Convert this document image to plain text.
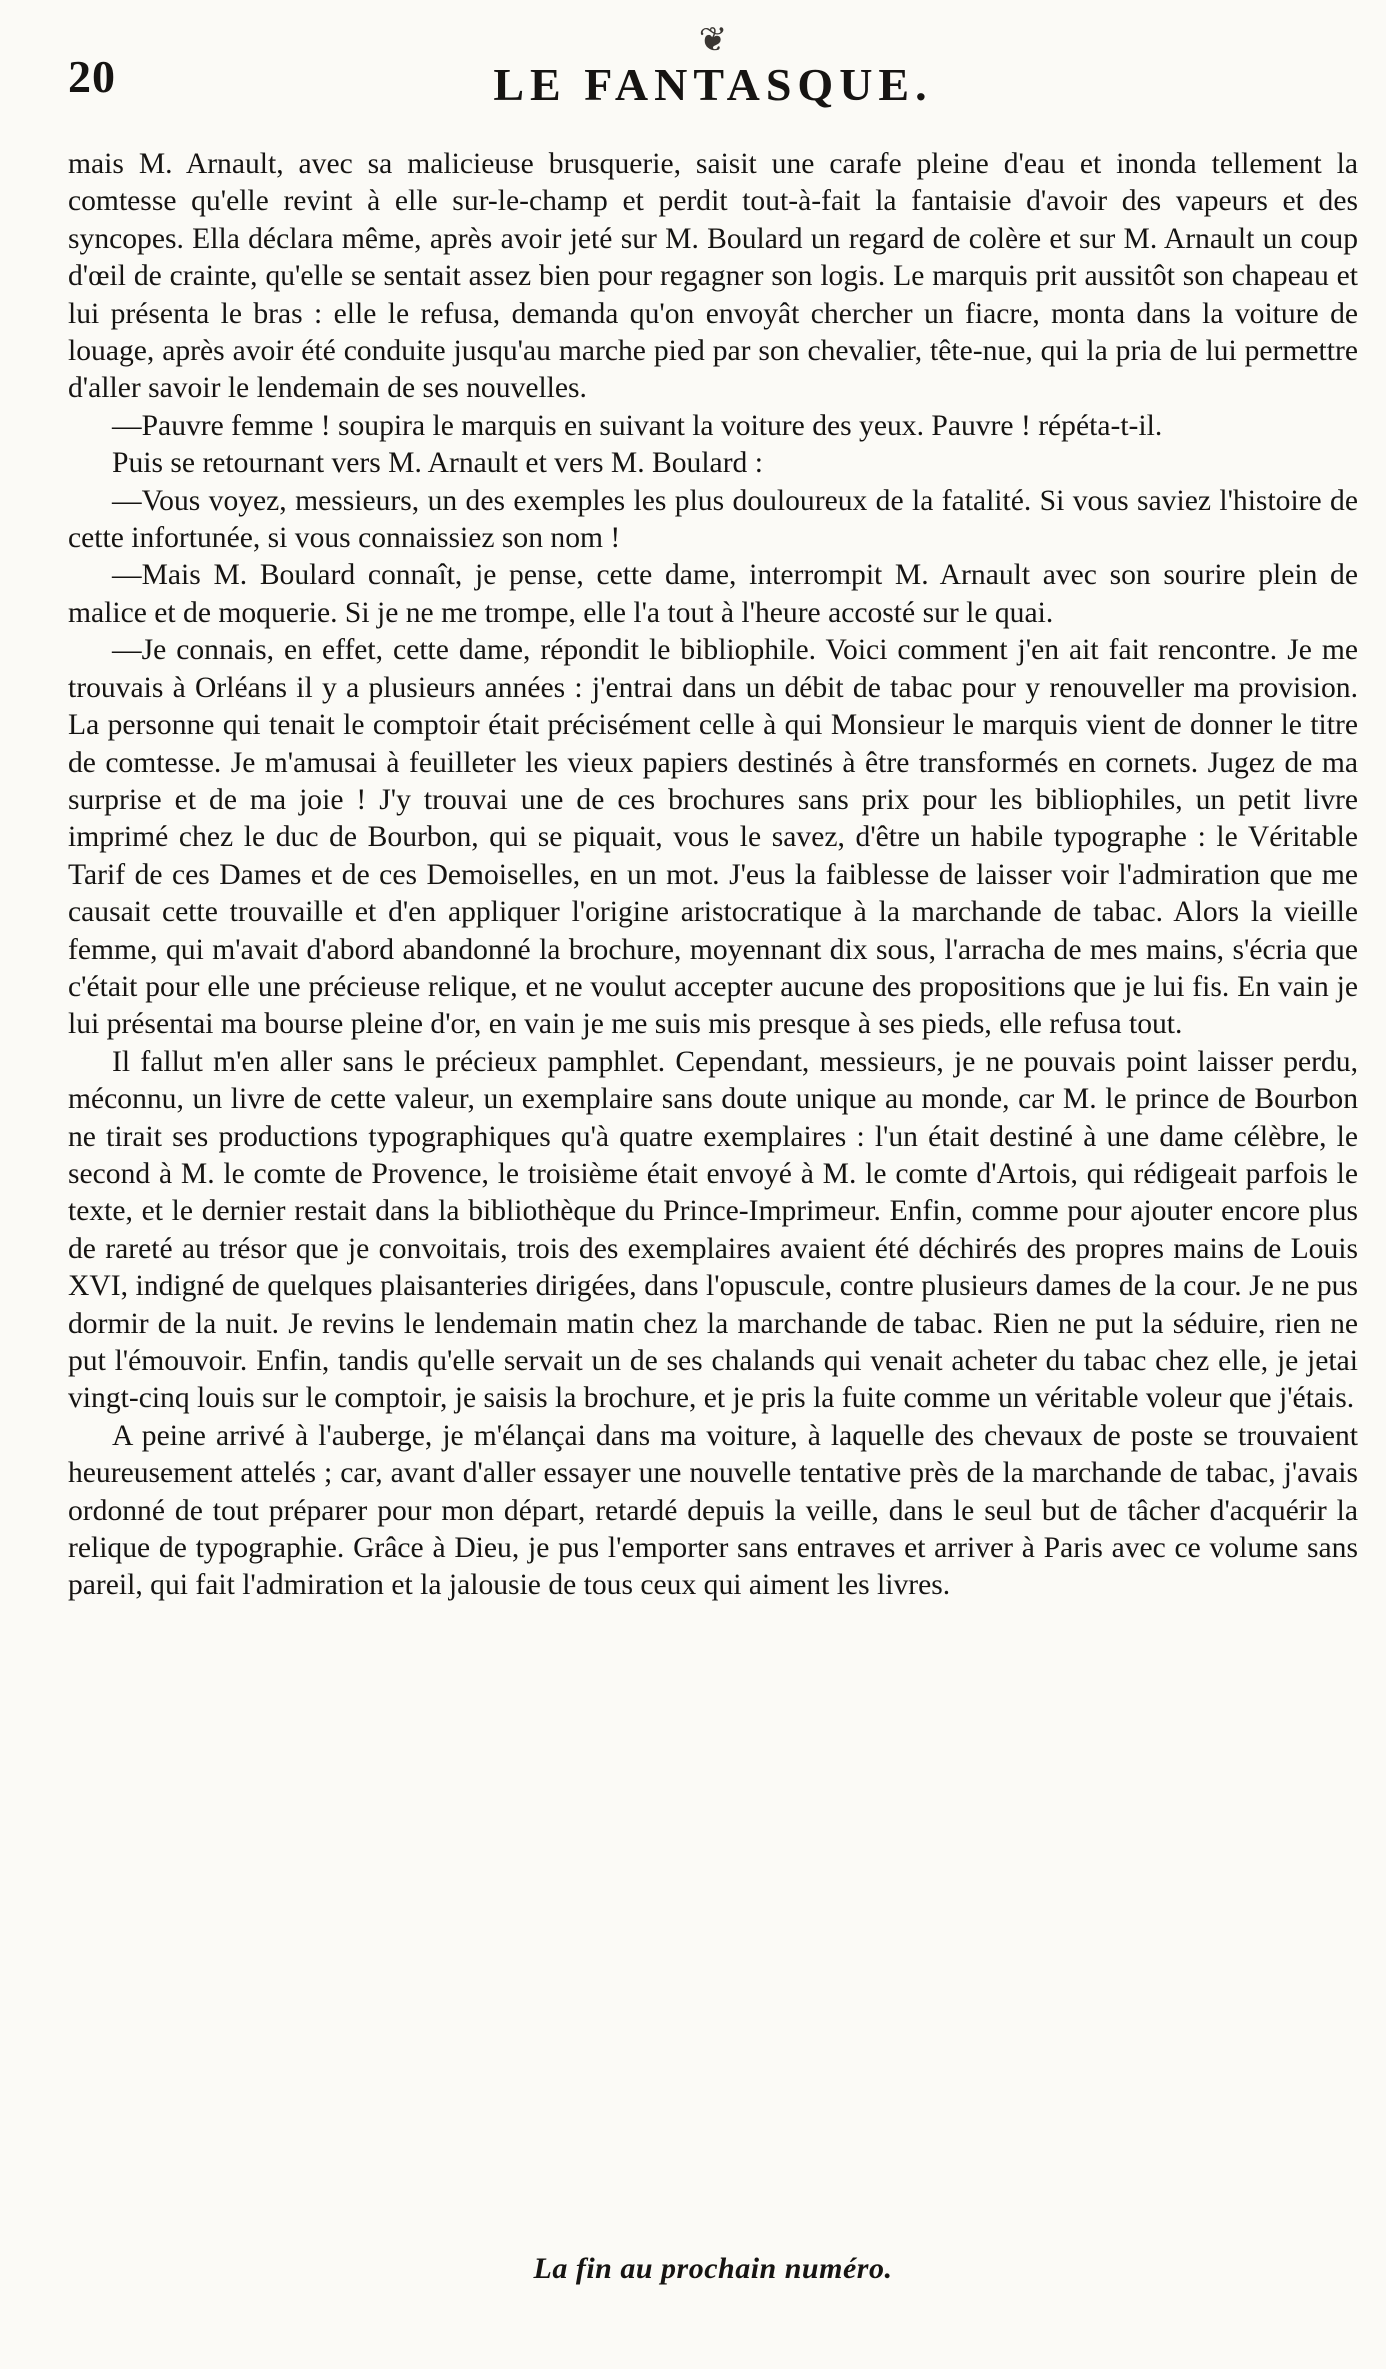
❦
20	LE FANTASQUE.

mais M. Arnault, avec sa malicieuse brusquerie, saisit une carafe pleine d'eau et inonda tellement la comtesse qu'elle revint à elle sur-le-champ et perdit tout-à-fait la fantaisie d'avoir des vapeurs et des syncopes. Ella déclara même, après avoir jeté sur M. Boulard un regard de colère et sur M. Arnault un coup d'œil de crainte, qu'elle se sentait assez bien pour regagner son logis. Le marquis prit aussitôt son chapeau et lui présenta le bras : elle le refusa, demanda qu'on envoyât chercher un fiacre, monta dans la voiture de louage, après avoir été conduite jusqu'au marche pied par son chevalier, tête-nue, qui la pria de lui permettre d'aller savoir le lendemain de ses nouvelles.

—Pauvre femme ! soupira le marquis en suivant la voiture des yeux. Pauvre ! répéta-t-il.

Puis se retournant vers M. Arnault et vers M. Boulard :

—Vous voyez, messieurs, un des exemples les plus douloureux de la fatalité. Si vous saviez l'histoire de cette infortunée, si vous connaissiez son nom !

—Mais M. Boulard connaît, je pense, cette dame, interrompit M. Arnault avec son sourire plein de malice et de moquerie. Si je ne me trompe, elle l'a tout à l'heure accosté sur le quai.

—Je connais, en effet, cette dame, répondit le bibliophile. Voici comment j'en ait fait rencontre. Je me trouvais à Orléans il y a plusieurs années : j'entrai dans un débit de tabac pour y renouveller ma provision. La personne qui tenait le comptoir était précisément celle à qui Monsieur le marquis vient de donner le titre de comtesse. Je m'amusai à feuilleter les vieux papiers destinés à être transformés en cornets. Jugez de ma surprise et de ma joie ! J'y trouvai une de ces brochures sans prix pour les bibliophiles, un petit livre imprimé chez le duc de Bourbon, qui se piquait, vous le savez, d'être un habile typographe : le Véritable Tarif de ces Dames et de ces Demoiselles, en un mot. J'eus la faiblesse de laisser voir l'admiration que me causait cette trouvaille et d'en appliquer l'origine aristocratique à la marchande de tabac. Alors la vieille femme, qui m'avait d'abord abandonné la brochure, moyennant dix sous, l'arracha de mes mains, s'écria que c'était pour elle une précieuse relique, et ne voulut accepter aucune des propositions que je lui fis. En vain je lui présentai ma bourse pleine d'or, en vain je me suis mis presque à ses pieds, elle refusa tout.

Il fallut m'en aller sans le précieux pamphlet. Cependant, messieurs, je ne pouvais point laisser perdu, méconnu, un livre de cette valeur, un exemplaire sans doute unique au monde, car M. le prince de Bourbon ne tirait ses productions typographiques qu'à quatre exemplaires : l'un était destiné à une dame célèbre, le second à M. le comte de Provence, le troisième était envoyé à M. le comte d'Artois, qui rédigeait parfois le texte, et le dernier restait dans la bibliothèque du Prince-Imprimeur. Enfin, comme pour ajouter encore plus de rareté au trésor que je convoitais, trois des exemplaires avaient été déchirés des propres mains de Louis XVI, indigné de quelques plaisanteries dirigées, dans l'opuscule, contre plusieurs dames de la cour. Je ne pus dormir de la nuit. Je revins le lendemain matin chez la marchande de tabac. Rien ne put la séduire, rien ne put l'émouvoir. Enfin, tandis qu'elle servait un de ses chalands qui venait acheter du tabac chez elle, je jetai vingt-cinq louis sur le comptoir, je saisis la brochure, et je pris la fuite comme un véritable voleur que j'étais.

A peine arrivé à l'auberge, je m'élançai dans ma voiture, à laquelle des chevaux de poste se trouvaient heureusement attelés ; car, avant d'aller essayer une nouvelle tentative près de la marchande de tabac, j'avais ordonné de tout préparer pour mon départ, retardé depuis la veille, dans le seul but de tâcher d'acquérir la relique de typographie. Grâce à Dieu, je pus l'emporter sans entraves et arriver à Paris avec ce volume sans pareil, qui fait l'admiration et la jalousie de tous ceux qui aiment les livres.

La fin au prochain numéro.
